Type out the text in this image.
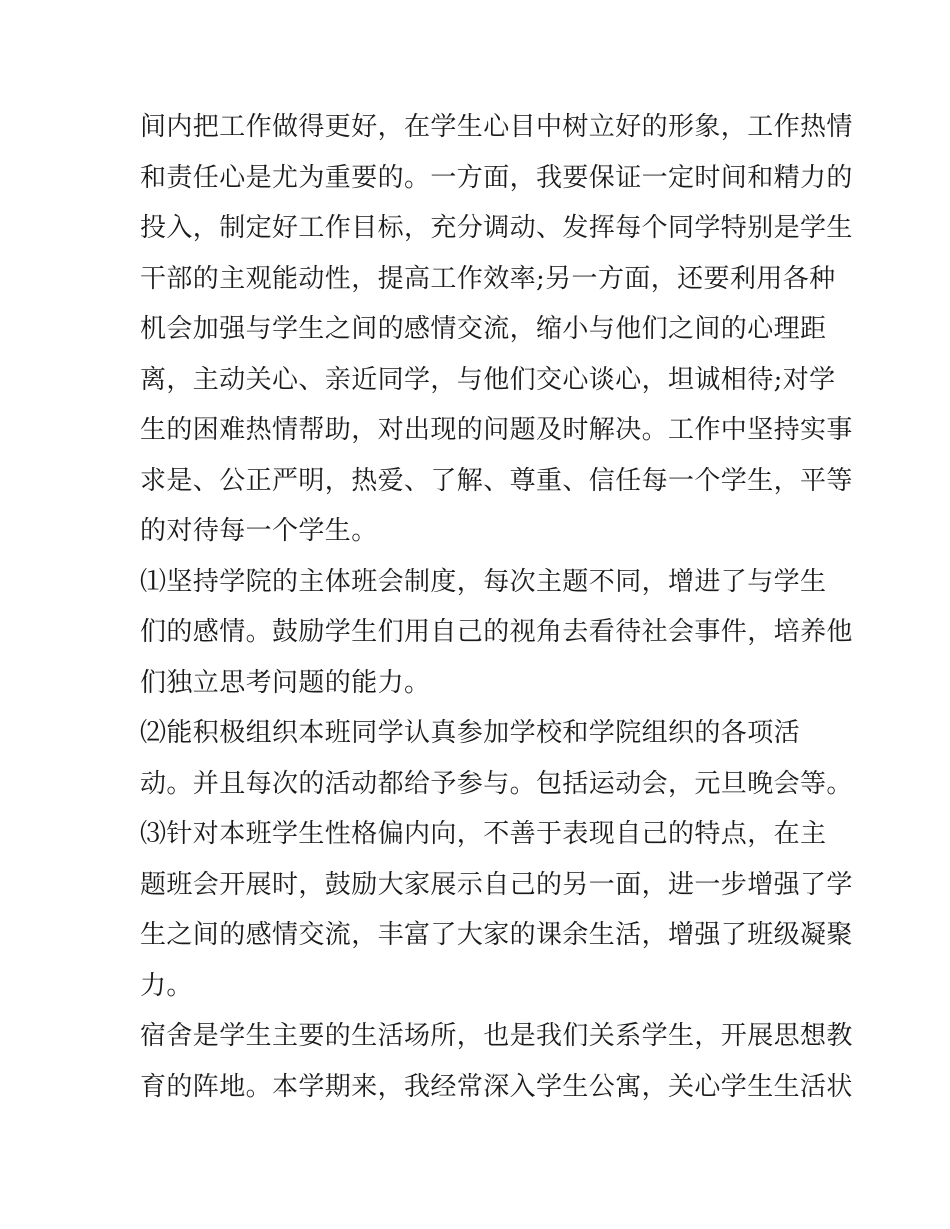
间内把工作做得更好，在学生心目中树立好的形象，工作热情
和责任心是尤为重要的。一方面，我要保证一定时间和精力的
投入，制定好工作目标，充分调动、发挥每个同学特别是学生
干部的主观能动性，提高工作效率;另一方面，还要利用各种
机会加强与学生之间的感情交流，缩小与他们之间的心理距
离，主动关心、亲近同学，与他们交心谈心，坦诚相待;对学
生的困难热情帮助，对出现的问题及时解决。工作中坚持实事
求是、公正严明，热爱、了解、尊重、信任每一个学生，平等
的对待每一个学生。
⑴坚持学院的主体班会制度，每次主题不同，增进了与学生
们的感情。鼓励学生们用自己的视角去看待社会事件，培养他
们独立思考问题的能力。
⑵能积极组织本班同学认真参加学校和学院组织的各项活
动。并且每次的活动都给予参与。包括运动会，元旦晚会等。
⑶针对本班学生性格偏内向，不善于表现自己的特点，在主
题班会开展时，鼓励大家展示自己的另一面，进一步增强了学
生之间的感情交流，丰富了大家的课余生活，增强了班级凝聚
力。
宿舍是学生主要的生活场所，也是我们关系学生，开展思想教
育的阵地。本学期来，我经常深入学生公寓，关心学生生活状
